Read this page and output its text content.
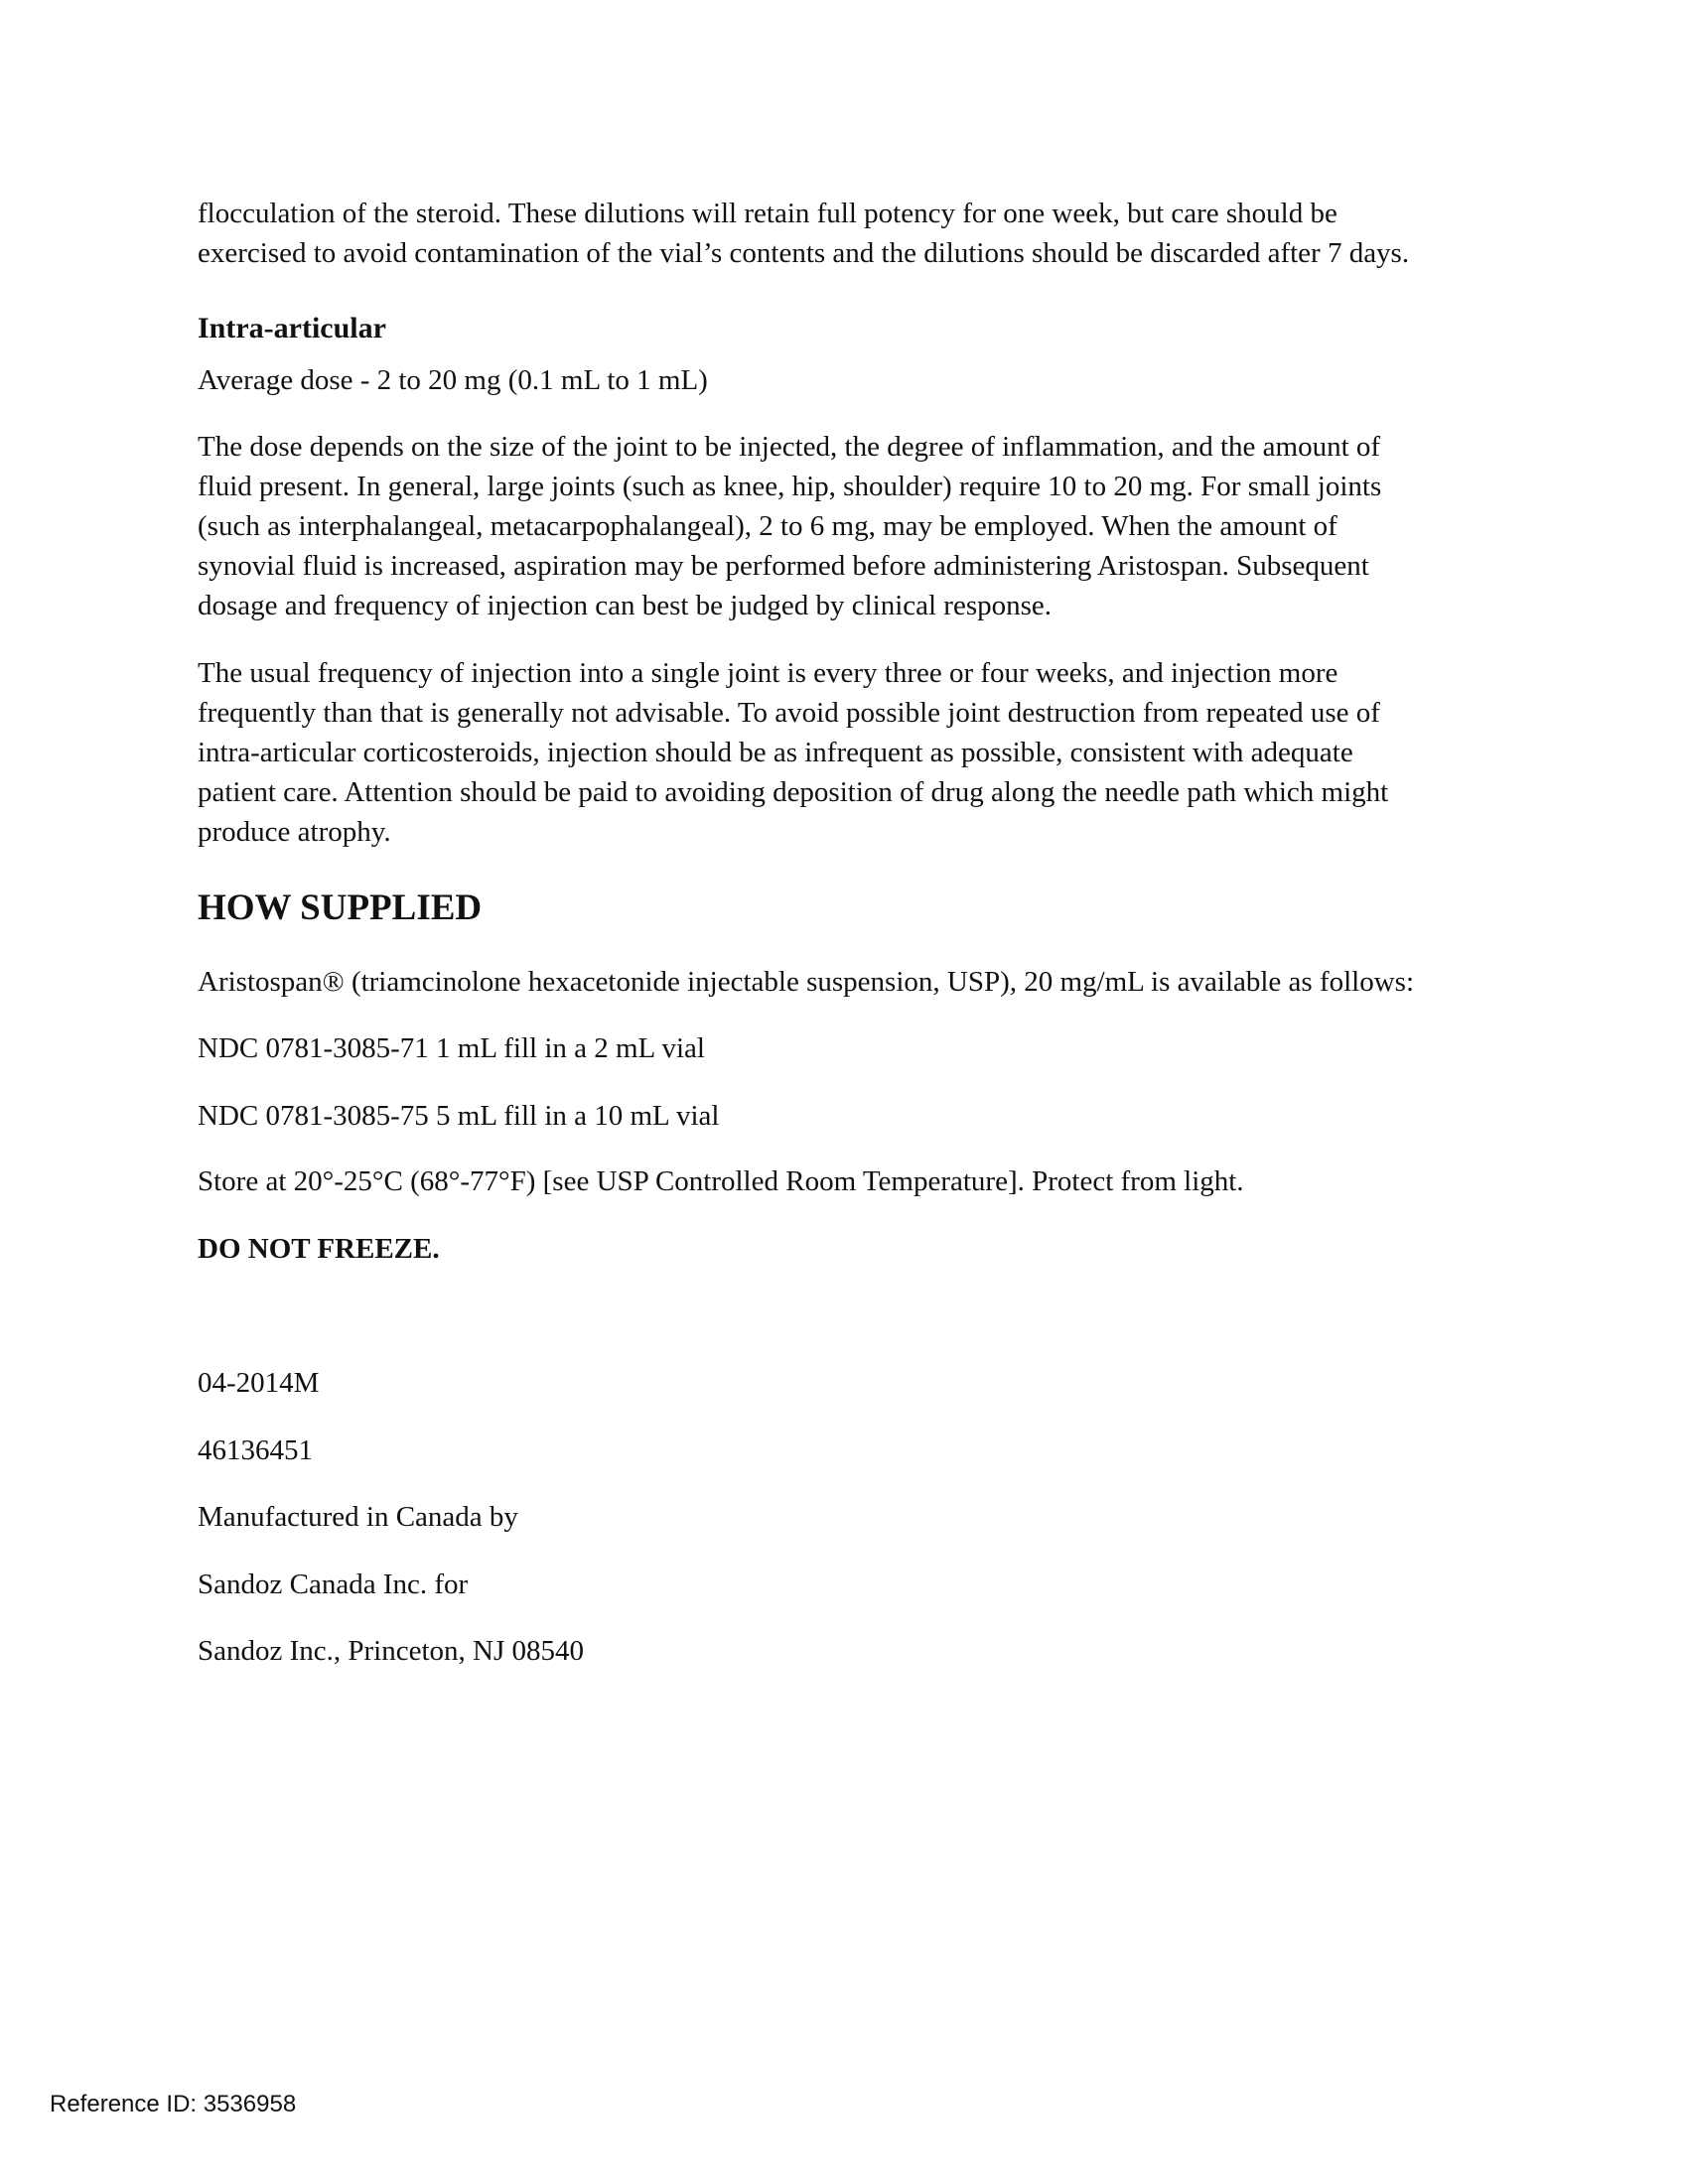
flocculation of the steroid. These dilutions will retain full potency for one week, but care should be
exercised to avoid contamination of the vial’s contents and the dilutions should be discarded after 7 days.
Intra-articular
Average dose - 2 to 20 mg (0.1 mL to 1 mL)
The dose depends on the size of the joint to be injected, the degree of inflammation, and the amount of
fluid present. In general, large joints (such as knee, hip, shoulder) require 10 to 20 mg. For small joints
(such as interphalangeal, metacarpophalangeal), 2 to 6 mg, may be employed. When the amount of
synovial fluid is increased, aspiration may be performed before administering Aristospan. Subsequent
dosage and frequency of injection can best be judged by clinical response.
The usual frequency of injection into a single joint is every three or four weeks, and injection more
frequently than that is generally not advisable. To avoid possible joint destruction from repeated use of
intra-articular corticosteroids, injection should be as infrequent as possible, consistent with adequate
patient care. Attention should be paid to avoiding deposition of drug along the needle path which might
produce atrophy.
HOW SUPPLIED
Aristospan® (triamcinolone hexacetonide injectable suspension, USP), 20 mg/mL is available as follows:
NDC 0781-3085-71 1 mL fill in a 2 mL vial
NDC 0781-3085-75 5 mL fill in a 10 mL vial
Store at 20°-25°C (68°-77°F) [see USP Controlled Room Temperature]. Protect from light.
DO NOT FREEZE.
04-2014M
46136451
Manufactured in Canada by
Sandoz Canada Inc. for
Sandoz Inc., Princeton, NJ 08540
Reference ID: 3536958
